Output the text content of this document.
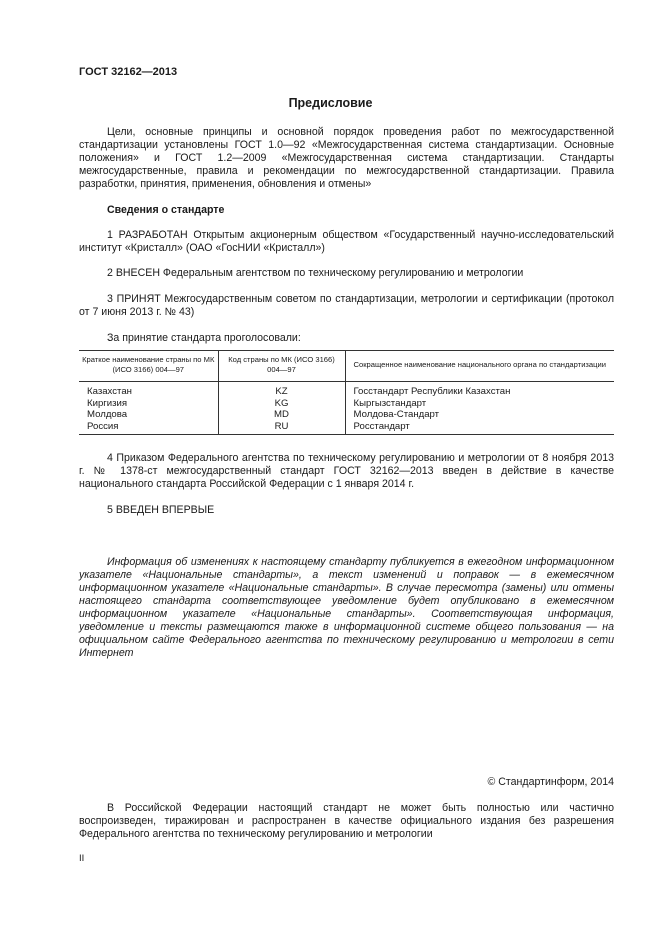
ГОСТ 32162—2013
Предисловие
Цели, основные принципы и основной порядок проведения работ по межгосударственной стандартизации установлены ГОСТ 1.0—92 «Межгосударственная система стандартизации. Основные положения» и ГОСТ 1.2—2009 «Межгосударственная система стандартизации. Стандарты межгосударственные, правила и рекомендации по межгосударственной стандартизации. Правила разработки, принятия, применения, обновления и отмены»
Сведения о стандарте
1 РАЗРАБОТАН Открытым акционерным обществом «Государственный научно-исследовательский институт «Кристалл» (ОАО «ГосНИИ «Кристалл»)
2 ВНЕСЕН Федеральным агентством по техническому регулированию и метрологии
3 ПРИНЯТ Межгосударственным советом по стандартизации, метрологии и сертификации (протокол от 7 июня 2013 г. № 43)
За принятие стандарта проголосовали:
Краткое наименование страны по МК (ИСО 3166) 004—97	Код страны по МК (ИСО 3166) 004—97	Сокращенное наименование национального органа по стандартизации
Казахстан	KZ	Госстандарт Республики Казахстан
Киргизия	KG	Кыргызстандарт
Молдова	MD	Молдова-Стандарт
Россия	RU	Росстандарт
4 Приказом Федерального агентства по техническому регулированию и метрологии от 8 ноября 2013 г. № 1378-ст межгосударственный стандарт ГОСТ 32162—2013 введен в действие в качестве национального стандарта Российской Федерации с 1 января 2014 г.
5 ВВЕДЕН ВПЕРВЫЕ
Информация об изменениях к настоящему стандарту публикуется в ежегодном информационном указателе «Национальные стандарты», а текст изменений и поправок — в ежемесячном информационном указателе «Национальные стандарты». В случае пересмотра (замены) или отмены настоящего стандарта соответствующее уведомление будет опубликовано в ежемесячном информационном указателе «Национальные стандарты». Соответствующая информация, уведомление и тексты размещаются также в информационной системе общего пользования — на официальном сайте Федерального агентства по техническому регулированию и метрологии в сети Интернет
© Стандартинформ, 2014
В Российской Федерации настоящий стандарт не может быть полностью или частично воспроизведен, тиражирован и распространен в качестве официального издания без разрешения Федерального агентства по техническому регулированию и метрологии
II
